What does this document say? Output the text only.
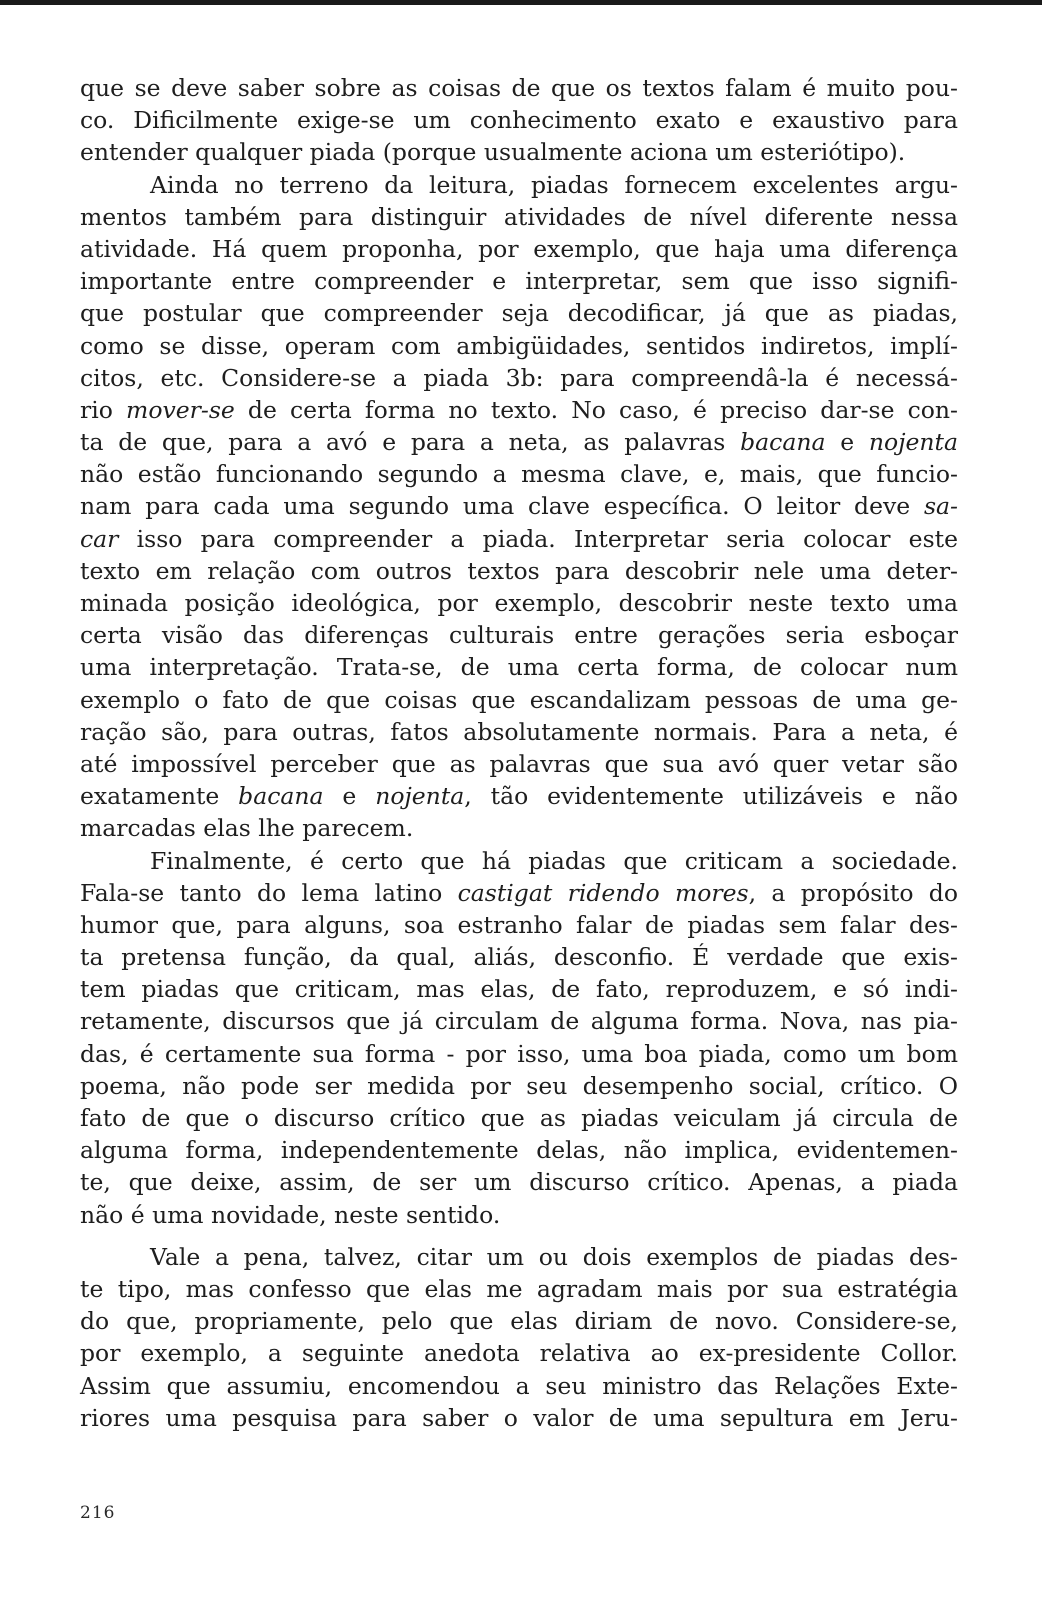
que se deve saber sobre as coisas de que os textos falam é muito pou-
co. Dificilmente exige-se um conhecimento exato e exaustivo para
entender qualquer piada (porque usualmente aciona um esteriótipo).
Ainda no terreno da leitura, piadas fornecem excelentes argu-
mentos também para distinguir atividades de nível diferente nessa
atividade. Há quem proponha, por exemplo, que haja uma diferença
importante entre compreender e interpretar, sem que isso signifi-
que postular que compreender seja decodificar, já que as piadas,
como se disse, operam com ambigüidades, sentidos indiretos, implí-
citos, etc. Considere-se a piada 3b: para compreendâ-la é necessá-
rio mover-se de certa forma no texto. No caso, é preciso dar-se con-
ta de que, para a avó e para a neta, as palavras bacana e nojenta
não estão funcionando segundo a mesma clave, e, mais, que funcio-
nam para cada uma segundo uma clave específica. O leitor deve sa-
car isso para compreender a piada. Interpretar seria colocar este
texto em relação com outros textos para descobrir nele uma deter-
minada posição ideológica, por exemplo, descobrir neste texto uma
certa visão das diferenças culturais entre gerações seria esboçar
uma interpretação. Trata-se, de uma certa forma, de colocar num
exemplo o fato de que coisas que escandalizam pessoas de uma ge-
ração são, para outras, fatos absolutamente normais. Para a neta, é
até impossível perceber que as palavras que sua avó quer vetar são
exatamente bacana e nojenta, tão evidentemente utilizáveis e não
marcadas elas lhe parecem.
Finalmente, é certo que há piadas que criticam a sociedade.
Fala-se tanto do lema latino castigat ridendo mores, a propósito do
humor que, para alguns, soa estranho falar de piadas sem falar des-
ta pretensa função, da qual, aliás, desconfio. É verdade que exis-
tem piadas que criticam, mas elas, de fato, reproduzem, e só indi-
retamente, discursos que já circulam de alguma forma. Nova, nas pia-
das, é certamente sua forma - por isso, uma boa piada, como um bom
poema, não pode ser medida por seu desempenho social, crítico. O
fato de que o discurso crítico que as piadas veiculam já circula de
alguma forma, independentemente delas, não implica, evidentemen-
te, que deixe, assim, de ser um discurso crítico. Apenas, a piada
não é uma novidade, neste sentido.
Vale a pena, talvez, citar um ou dois exemplos de piadas des-
te tipo, mas confesso que elas me agradam mais por sua estratégia
do que, propriamente, pelo que elas diriam de novo. Considere-se,
por exemplo, a seguinte anedota relativa ao ex-presidente Collor.
Assim que assumiu, encomendou a seu ministro das Relações Exte-
riores uma pesquisa para saber o valor de uma sepultura em Jeru-
216
